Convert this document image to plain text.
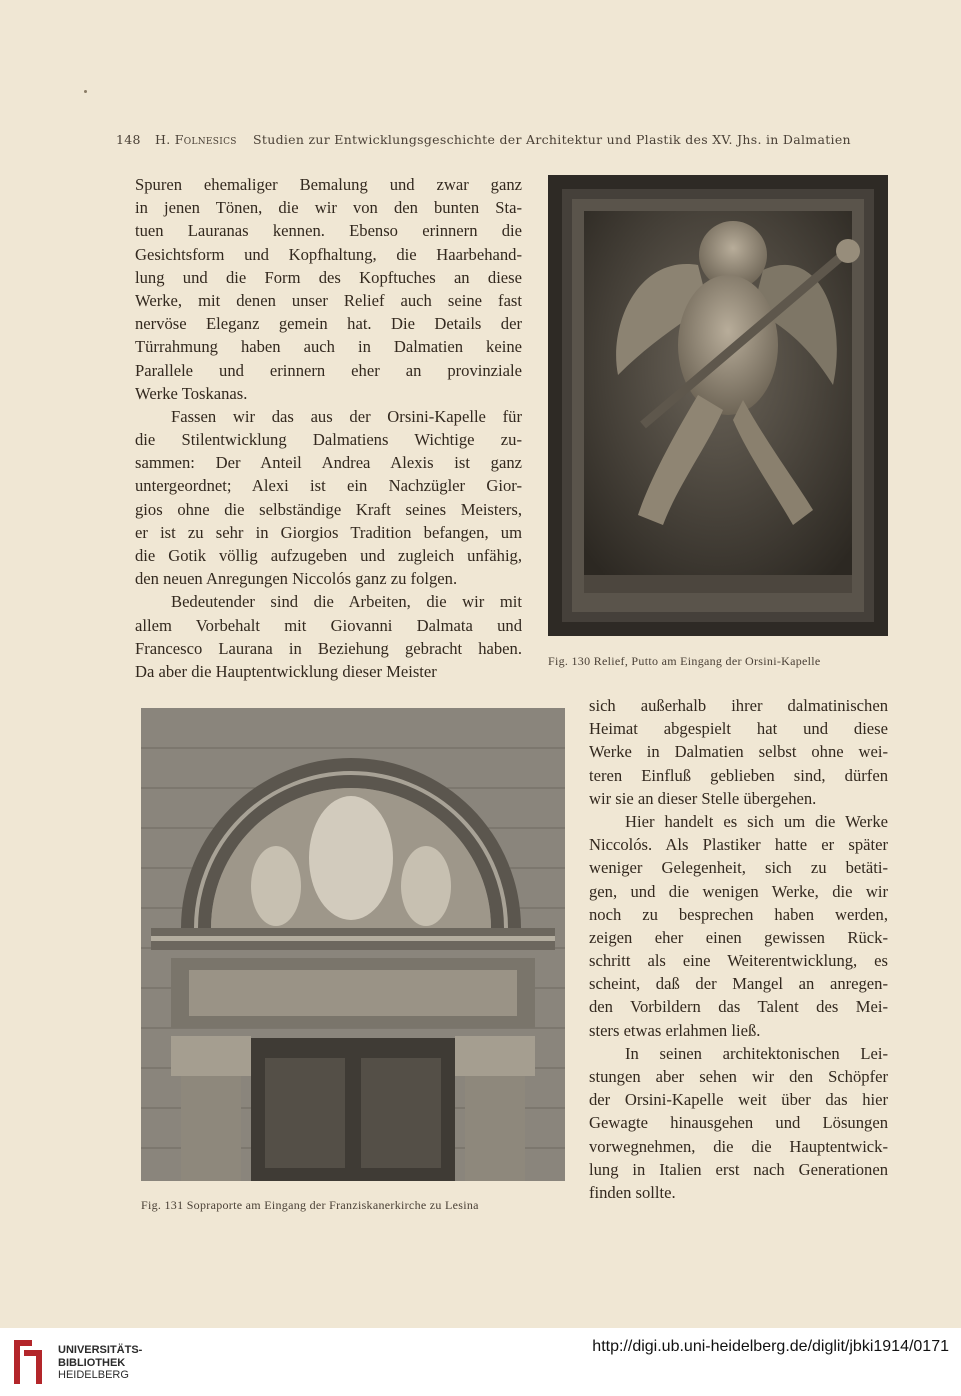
148 H. Folnesics Studien zur Entwicklungsgeschichte der Architektur und Plastik des XV. Jhs. in Dalmatien
Spuren ehemaliger Bemalung und zwar ganz
in jenen Tönen, die wir von den bunten Sta-
tuen Lauranas kennen. Ebenso erinnern die
Gesichtsform und Kopfhaltung, die Haarbehand-
lung und die Form des Kopftuches an diese
Werke, mit denen unser Relief auch seine fast
nervöse Eleganz gemein hat. Die Details der
Türrahmung haben auch in Dalmatien keine
Parallele und erinnern eher an provinziale
Werke Toskanas.
Fassen wir das aus der Orsini-Kapelle für
die Stilentwicklung Dalmatiens Wichtige zu-
sammen: Der Anteil Andrea Alexis ist ganz
untergeordnet; Alexi ist ein Nachzügler Gior-
gios ohne die selbständige Kraft seines Meisters,
er ist zu sehr in Giorgios Tradition befangen, um
die Gotik völlig aufzugeben und zugleich unfähig,
den neuen Anregungen Niccolós ganz zu folgen.
Bedeutender sind die Arbeiten, die wir mit
allem Vorbehalt mit Giovanni Dalmata und
Francesco Laurana in Beziehung gebracht haben.
Da aber die Hauptentwicklung dieser Meister
Fig. 130 Relief, Putto am Eingang der Orsini-Kapelle
Fig. 131 Sopraporte am Eingang der Franziskanerkirche zu Lesina
sich außerhalb ihrer dalmatinischen
Heimat abgespielt hat und diese
Werke in Dalmatien selbst ohne wei-
teren Einfluß geblieben sind, dürfen
wir sie an dieser Stelle übergehen.
Hier handelt es sich um die Werke
Niccolós. Als Plastiker hatte er später
weniger Gelegenheit, sich zu betäti-
gen, und die wenigen Werke, die wir
noch zu besprechen haben werden,
zeigen eher einen gewissen Rück-
schritt als eine Weiterentwicklung, es
scheint, daß der Mangel an anregen-
den Vorbildern das Talent des Mei-
sters etwas erlahmen ließ.
In seinen architektonischen Lei-
stungen aber sehen wir den Schöpfer
der Orsini-Kapelle weit über das hier
Gewagte hinausgehen und Lösungen
vorwegnehmen, die die Hauptentwick-
lung in Italien erst nach Generationen
finden sollte.
UNIVERSITÄTS-
BIBLIOTHEK
HEIDELBERG
http://digi.ub.uni-heidelberg.de/diglit/jbki1914/0171
